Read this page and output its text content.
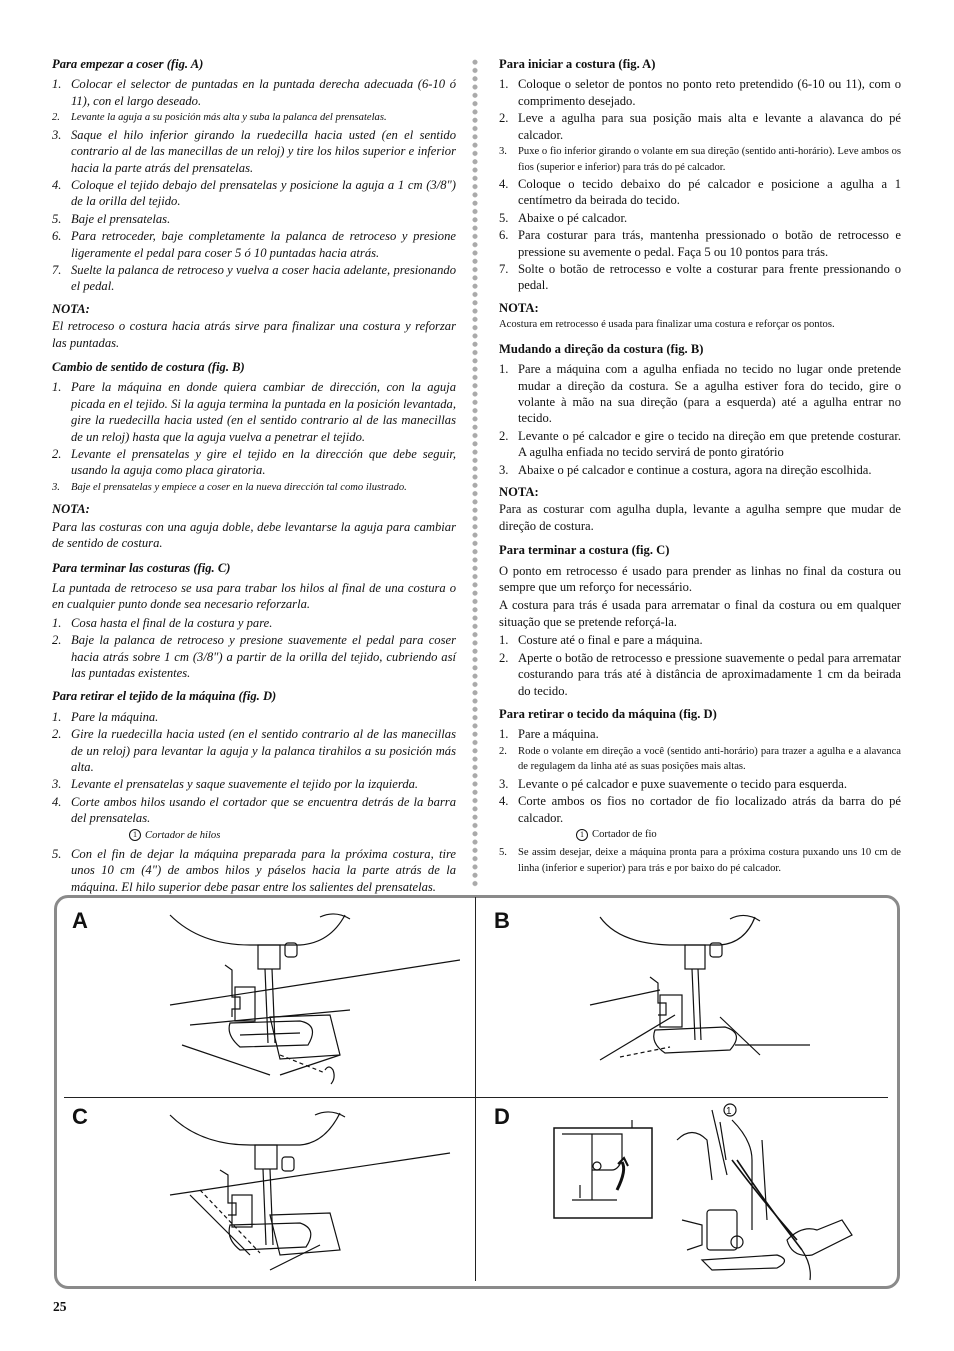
Para empezar a coser (fig. A)
1. Colocar el selector de puntadas en la puntada derecha adecuada (6-10 ó 11), con el largo deseado.
2.	Levante la aguja a su posición más alta y suba la palanca del prensatelas.
3. Saque el hilo inferior girando la ruedecilla hacia usted (en el sentido contrario al de las manecillas de un reloj) y tire los hilos superior e inferior hacia la parte atrás del prensatelas.
4. Coloque el tejido debajo del prensatelas y posicione la aguja a 1 cm (3/8") de la orilla del tejido.
5. Baje el prensatelas.
6. Para retroceder, baje completamente la palanca de retroceso y presione ligeramente el pedal para coser 5 ó 10 puntadas hacia atrás.
7. Suelte la palanca de retroceso y vuelva a coser hacia adelante, presionando el pedal.
NOTA:
El retroceso o costura hacia atrás sirve para finalizar una costura y reforzar las puntadas.
Cambio de sentido de costura (fig. B)
1. Pare la máquina en donde quiera cambiar de dirección, con la aguja picada en el tejido. Si la aguja termina la puntada en la posición levantada, gire la ruedecilla hacia usted (en el sentido contrario al de las manecillas de un reloj) hasta que la aguja vuelva a penetrar el tejido.
2. Levante el prensatelas y gire el tejido en la dirección que debe seguir, usando la aguja como placa giratoria.
3.	Baje el prensatelas y empiece a coser en la nueva dirección tal como ilustrado.
NOTA:
Para las costuras con una aguja doble, debe levantarse la aguja para cambiar de sentido de costura.
Para terminar las costuras (fig. C)
La puntada de retroceso se usa para trabar los hilos al final de una costura o en cualquier punto donde sea necesario reforzarla.
1. Cosa hasta el final de la costura y pare.
2. Baje la palanca de retroceso y presione suavemente el pedal para coser hacia atrás sobre 1 cm (3/8") a partir de la orilla del tejido, cubriendo así las puntadas existentes.
Para retirar el tejido de la máquina (fig. D)
1. Pare la máquina.
2. Gire la ruedecilla hacia usted (en el sentido contrario al de las manecillas de un reloj) para levantar la aguja y la palanca tirahilos a su posición más alta.
3. Levante el prensatelas y saque suavemente el tejido por la izquierda.
4. Corte ambos hilos usando el cortador que se encuentra detrás de la barra del prensatelas.
1 Cortador de hilos
5. Con el fin de dejar la máquina preparada para la próxima costura, tire unos 10 cm (4") de ambos hilos y páselos hacia la parte atrás de la máquina. El hilo superior debe pasar entre los salientes del prensatelas.
Para iniciar a costura (fig. A)
1. Coloque o seletor de pontos no ponto reto pretendido (6-10 ou 11), com o comprimento desejado.
2. Leve a agulha para sua posição mais alta e levante a alavanca do pé calcador.
3.	Puxe o fio inferior girando o volante em sua direção (sentido anti-horário). Leve ambos os fios (superior e inferior) para trás do pé calcador.
4. Coloque o tecido debaixo do pé calcador e posicione a agulha a 1 centímetro da beirada do tecido.
5. Abaixe o pé calcador.
6. Para costurar para trás, mantenha pressionado o botão de retrocesso e pressione su avemente o pedal. Faça 5 ou 10 pontos para trás.
7. Solte o botão de retrocesso e volte a costurar para frente pressionando o pedal.
NOTA:
Acostura em retrocesso é usada para finalizar uma costura e reforçar os pontos.
Mudando a direção da costura (fig. B)
1. Pare a máquina com a agulha enfiada no tecido no lugar onde pretende mudar a direção da costura. Se a agulha estiver fora do tecido, gire o volante à mão na sua direção (para a esquerda) até a agulha entrar no tecido.
2. Levante o pé calcador e gire o tecido na direção em que pretende costurar. A agulha enfiada no tecido servirá de ponto giratório
3. Abaixe o pé calcador e continue a costura, agora na direção escolhida.
NOTA:
Para as costurar com agulha dupla, levante a agulha sempre que mudar de direção de costura.
Para terminar a costura (fig. C)
O ponto em retrocesso é usado para prender as linhas no final da costura ou sempre que um reforço for necessário.
A costura para trás é usada para arrematar o final da costura ou em qualquer situação que se pretende reforçá-la.
1. Costure até o final e pare a máquina.
2. Aperte o botão de retrocesso e pressione suavemente o pedal para arrematar costurando para trás até à distância de aproximadamente 1 cm da beirada do tecido.
Para retirar o tecido da máquina (fig. D)
1. Pare a máquina.
2.	Rode o volante em direção a você (sentido anti-horário) para trazer a agulha e a alavanca de regulagem da linha até as suas posições mais altas.
3. Levante o pé calcador e puxe suavemente o tecido para esquerda.
4. Corte ambos os fios no cortador de fio localizado atrás da barra do pé calcador.
1 Cortador de fio
5.	Se assim desejar, deixe a máquina pronta para a próxima costura puxando uns 10 cm de linha (inferior e superior) para trás e por baixo do pé calcador.
A	B
C	D	1
25
